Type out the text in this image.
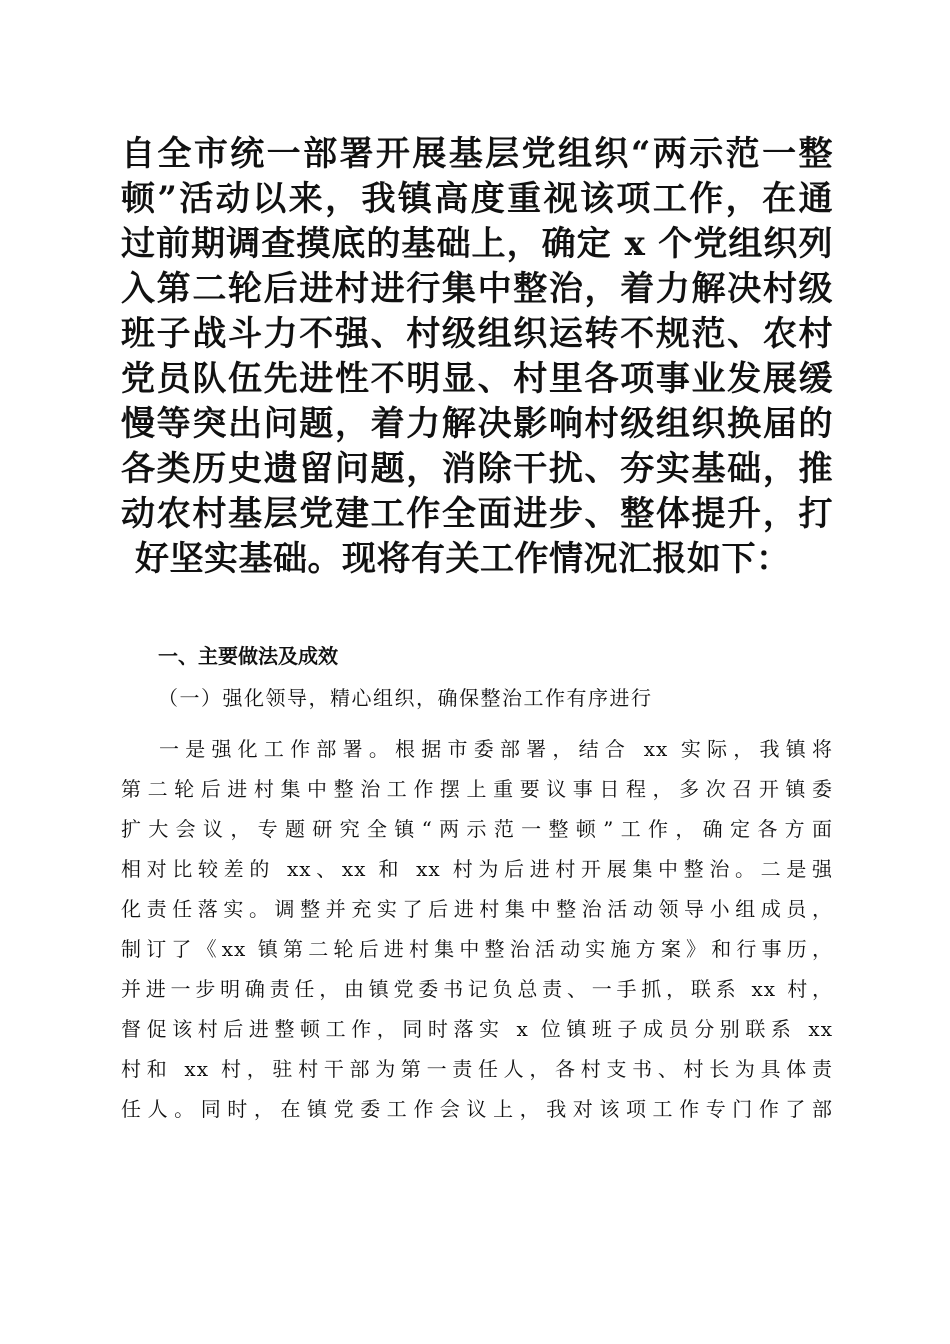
自全市统一部署开展基层党组织“两示范一整
顿”活动以来，我镇高度重视该项工作，在通
过前期调查摸底的基础上，确定 x 个党组织列
入第二轮后进村进行集中整治，着力解决村级
班子战斗力不强、村级组织运转不规范、农村
党员队伍先进性不明显、村里各项事业发展缓
慢等突出问题，着力解决影响村级组织换届的
各类历史遗留问题，消除干扰、夯实基础，推
动农村基层党建工作全面进步、整体提升，打
好坚实基础。现将有关工作情况汇报如下：
一、主要做法及成效
（一）强化领导，精心组织，确保整治工作有序进行
一是强化工作部署。根据市委部署，结合 xx 实际，我镇将
第二轮后进村集中整治工作摆上重要议事日程，多次召开镇委
扩大会议，专题研究全镇“两示范一整顿”工作，确定各方面
相对比较差的 xx、xx 和 xx 村为后进村开展集中整治。二是强
化责任落实。调整并充实了后进村集中整治活动领导小组成员，
制订了《xx 镇第二轮后进村集中整治活动实施方案》和行事历，
并进一步明确责任，由镇党委书记负总责、一手抓，联系 xx 村，
督促该村后进整顿工作，同时落实 x 位镇班子成员分别联系 xx
村和 xx 村，驻村干部为第一责任人，各村支书、村长为具体责
任人。同时，在镇党委工作会议上，我对该项工作专门作了部
